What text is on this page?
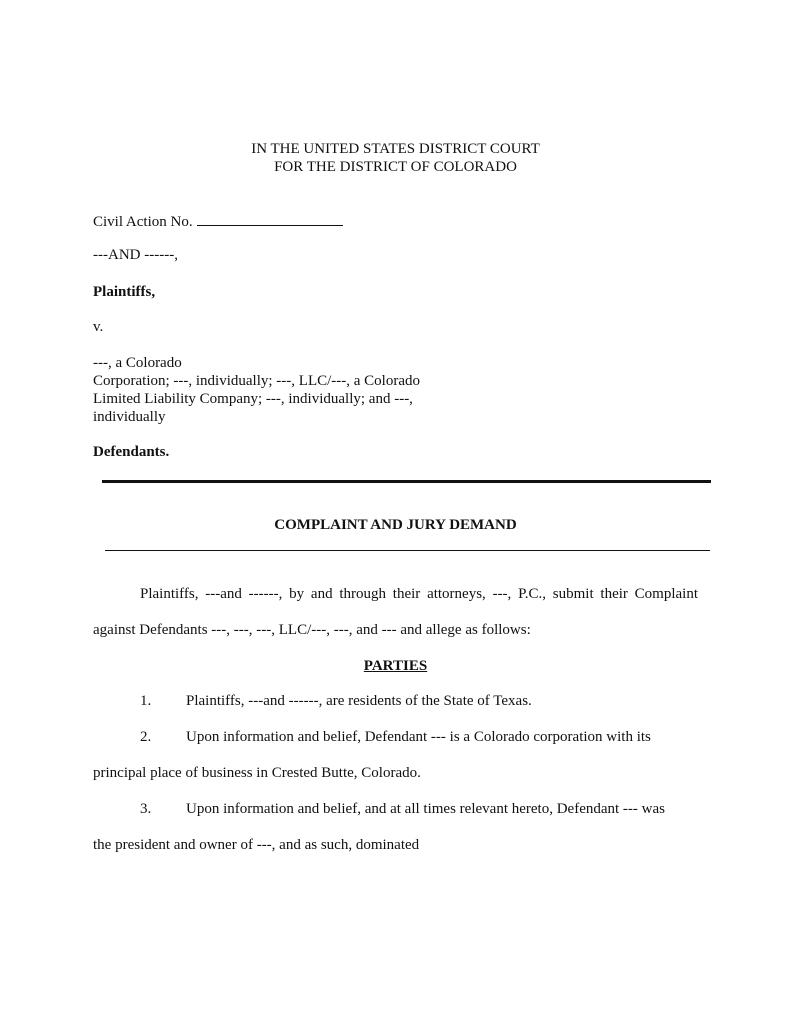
IN THE UNITED STATES DISTRICT COURT
FOR THE DISTRICT OF COLORADO
Civil Action No.
---AND ------,
Plaintiffs,
v.
---, a Colorado
Corporation; ---, individually; ---, LLC/---, a Colorado
Limited Liability Company; ---, individually; and ---,
individually
Defendants.
COMPLAINT AND JURY DEMAND
Plaintiffs, ---and ------, by and through their attorneys, ---, P.C., submit their Complaint
against Defendants ---, ---, ---, LLC/---, ---, and --- and allege as follows:
PARTIES
1.	Plaintiffs, ---and ------, are residents of the State of Texas.
2.	Upon information and belief, Defendant --- is a Colorado corporation with its
principal place of business in Crested Butte, Colorado.
3.	Upon information and belief, and at all times relevant hereto, Defendant --- was
the president and owner of ---, and as such, dominated
